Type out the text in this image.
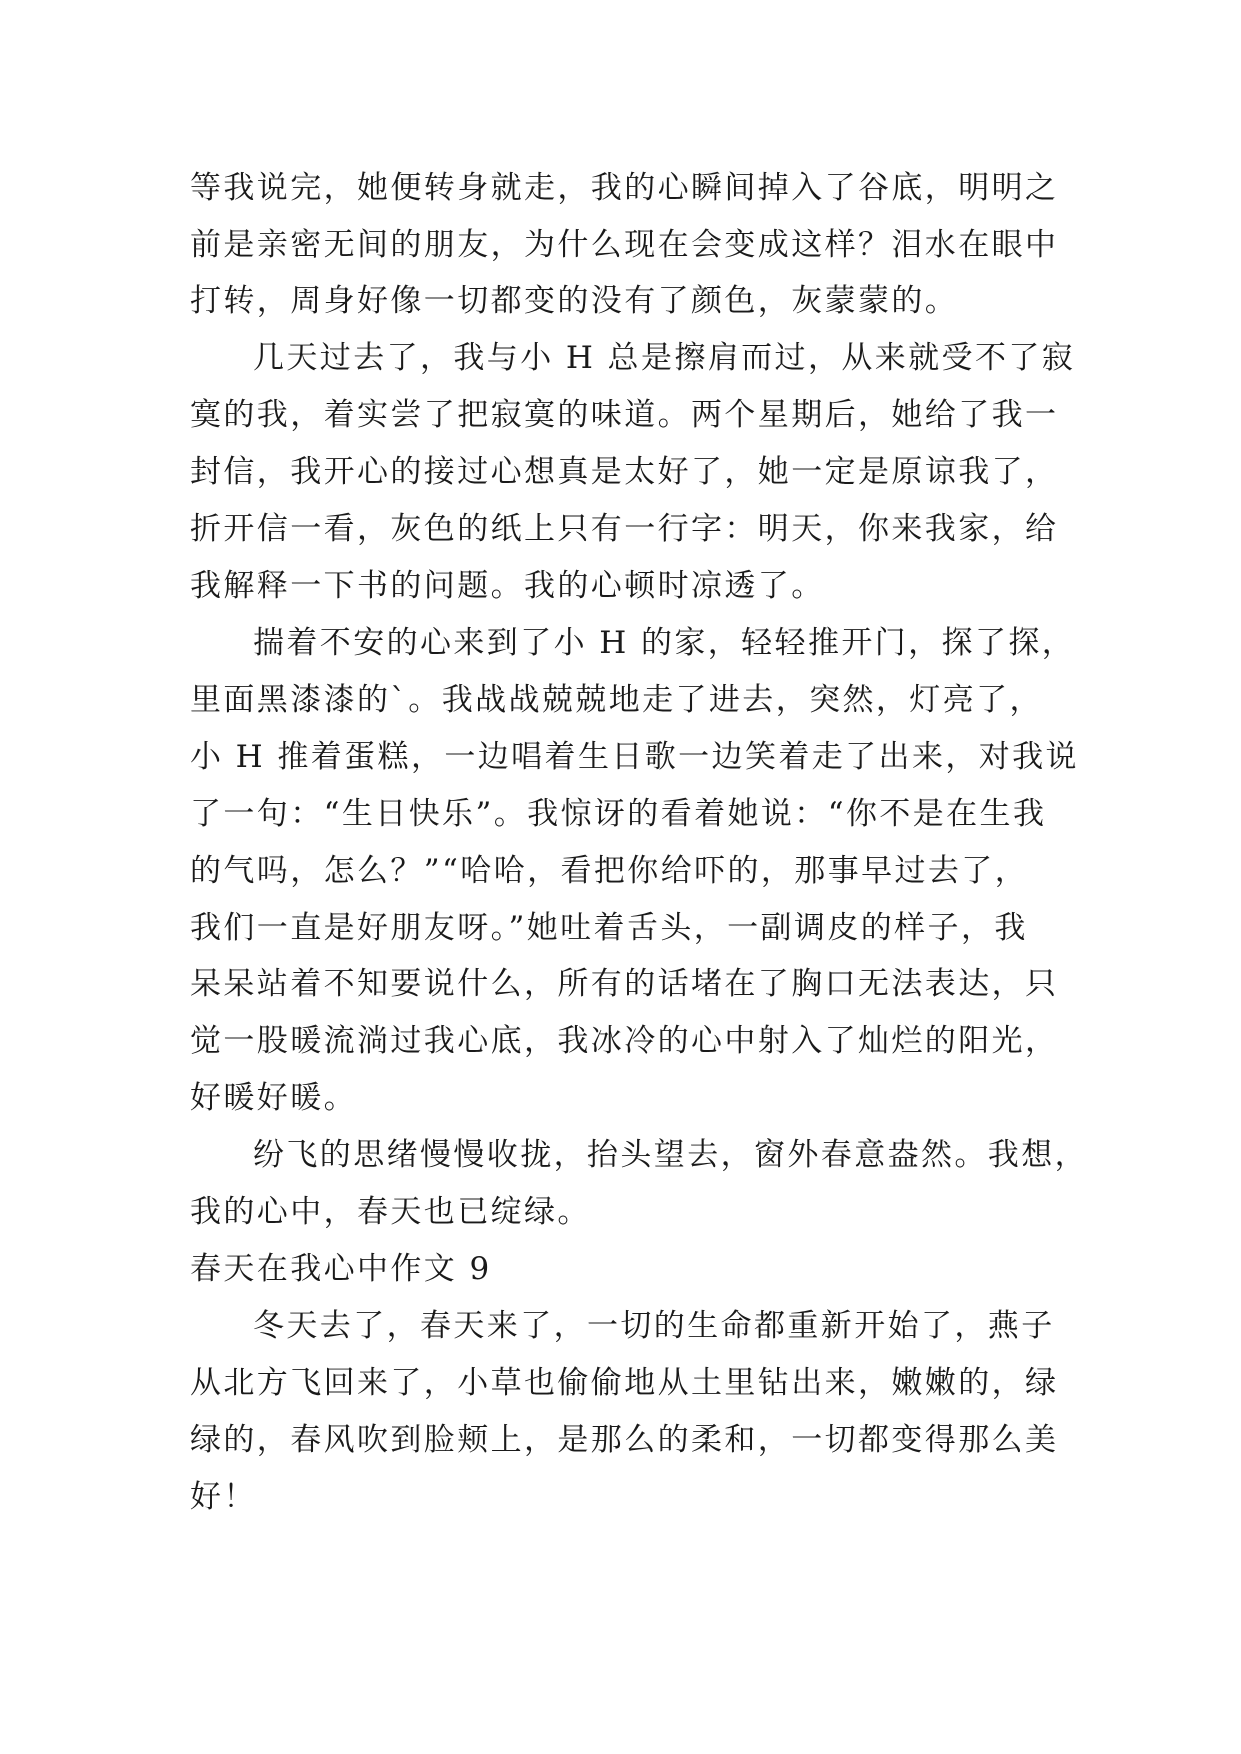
等我说完，她便转身就走，我的心瞬间掉入了谷底，明明之
前是亲密无间的朋友，为什么现在会变成这样？泪水在眼中
打转，周身好像一切都变的没有了颜色，灰蒙蒙的。
几天过去了，我与小 H 总是擦肩而过，从来就受不了寂
寞的我，着实尝了把寂寞的味道。两个星期后，她给了我一
封信，我开心的接过心想真是太好了，她一定是原谅我了，
折开信一看，灰色的纸上只有一行字：明天，你来我家，给
我解释一下书的问题。我的心顿时凉透了。
揣着不安的心来到了小 H 的家，轻轻推开门，探了探，
里面黑漆漆的`。我战战兢兢地走了进去，突然，灯亮了，
小 H 推着蛋糕，一边唱着生日歌一边笑着走了出来，对我说
了一句：“生日快乐”。我惊讶的看着她说：“你不是在生我
的气吗，怎么？”“哈哈，看把你给吓的，那事早过去了，
我们一直是好朋友呀。”她吐着舌头，一副调皮的样子，我
呆呆站着不知要说什么，所有的话堵在了胸口无法表达，只
觉一股暖流淌过我心底，我冰冷的心中射入了灿烂的阳光，
好暖好暖。
纷飞的思绪慢慢收拢，抬头望去，窗外春意盎然。我想，
我的心中，春天也已绽绿。
春天在我心中作文 9
冬天去了，春天来了，一切的生命都重新开始了，燕子
从北方飞回来了，小草也偷偷地从土里钻出来，嫩嫩的，绿
绿的，春风吹到脸颊上，是那么的柔和，一切都变得那么美
好！
